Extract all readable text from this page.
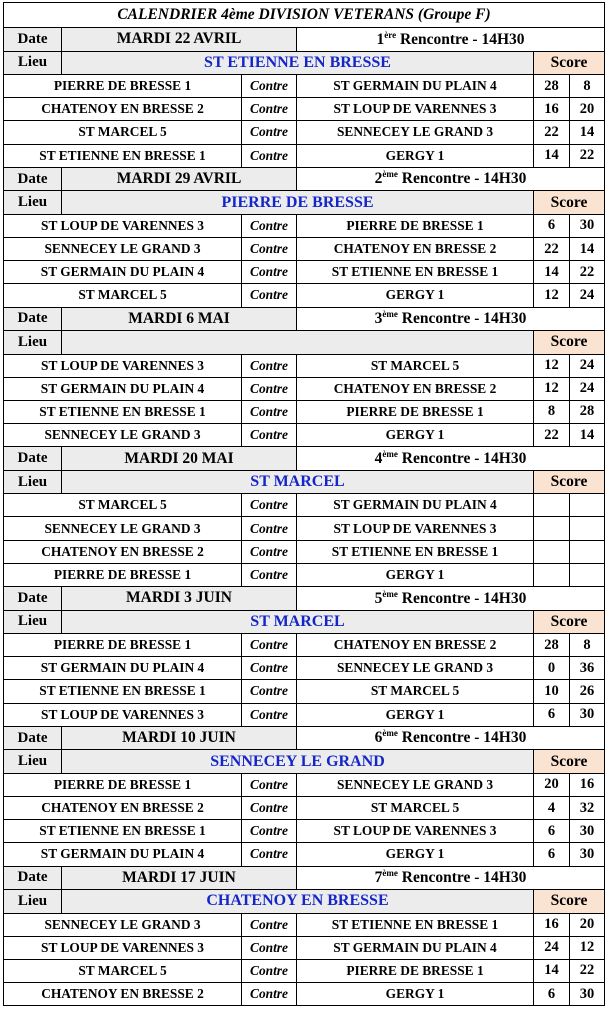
CALENDRIER 4ème DIVISION VETERANS (Groupe F)					
Date	MARDI 22 AVRIL		1ère Rencontre - 14H30		
Lieu	ST ETIENNE EN BRESSE			Score	
PIERRE DE BRESSE 1		Contre	ST GERMAIN DU PLAIN 4	28	8
CHATENOY EN BRESSE 2		Contre	ST LOUP DE VARENNES 3	16	20
ST MARCEL 5		Contre	SENNECEY LE GRAND 3	22	14
ST ETIENNE EN BRESSE 1		Contre	GERGY 1	14	22
Date	MARDI 29 AVRIL		2ème Rencontre - 14H30		
Lieu	PIERRE DE BRESSE			Score	
ST LOUP DE VARENNES 3		Contre	PIERRE DE BRESSE 1	6	30
SENNECEY LE GRAND 3		Contre	CHATENOY EN BRESSE 2	22	14
ST GERMAIN DU PLAIN 4		Contre	ST ETIENNE EN BRESSE 1	14	22
ST MARCEL 5		Contre	GERGY 1	12	24
Date	MARDI 6 MAI		3ème Rencontre - 14H30		
Lieu				Score	
ST LOUP DE VARENNES 3		Contre	ST MARCEL 5	12	24
ST GERMAIN DU PLAIN 4		Contre	CHATENOY EN BRESSE 2	12	24
ST ETIENNE EN BRESSE 1		Contre	PIERRE DE BRESSE 1	8	28
SENNECEY LE GRAND 3		Contre	GERGY 1	22	14
Date	MARDI 20 MAI		4ème Rencontre - 14H30		
Lieu	ST MARCEL			Score	
ST MARCEL 5		Contre	ST GERMAIN DU PLAIN 4		
SENNECEY LE GRAND 3		Contre	ST LOUP DE VARENNES 3		
CHATENOY EN BRESSE 2		Contre	ST ETIENNE EN BRESSE 1		
PIERRE DE BRESSE 1		Contre	GERGY 1		
Date	MARDI 3 JUIN		5ème Rencontre - 14H30		
Lieu	ST MARCEL			Score	
PIERRE DE BRESSE 1		Contre	CHATENOY EN BRESSE 2	28	8
ST GERMAIN DU PLAIN 4		Contre	SENNECEY LE GRAND 3	0	36
ST ETIENNE EN BRESSE 1		Contre	ST MARCEL 5	10	26
ST LOUP DE VARENNES 3		Contre	GERGY 1	6	30
Date	MARDI 10 JUIN		6ème Rencontre - 14H30		
Lieu	SENNECEY LE GRAND			Score	
PIERRE DE BRESSE 1		Contre	SENNECEY LE GRAND 3	20	16
CHATENOY EN BRESSE 2		Contre	ST MARCEL 5	4	32
ST ETIENNE EN BRESSE 1		Contre	ST LOUP DE VARENNES 3	6	30
ST GERMAIN DU PLAIN 4		Contre	GERGY 1	6	30
Date	MARDI 17 JUIN		7ème Rencontre - 14H30		
Lieu	CHATENOY EN BRESSE			Score	
SENNECEY LE GRAND 3		Contre	ST ETIENNE EN BRESSE 1	16	20
ST LOUP DE VARENNES 3		Contre	ST GERMAIN DU PLAIN 4	24	12
ST MARCEL 5		Contre	PIERRE DE BRESSE 1	14	22
CHATENOY EN BRESSE 2		Contre	GERGY 1	6	30
